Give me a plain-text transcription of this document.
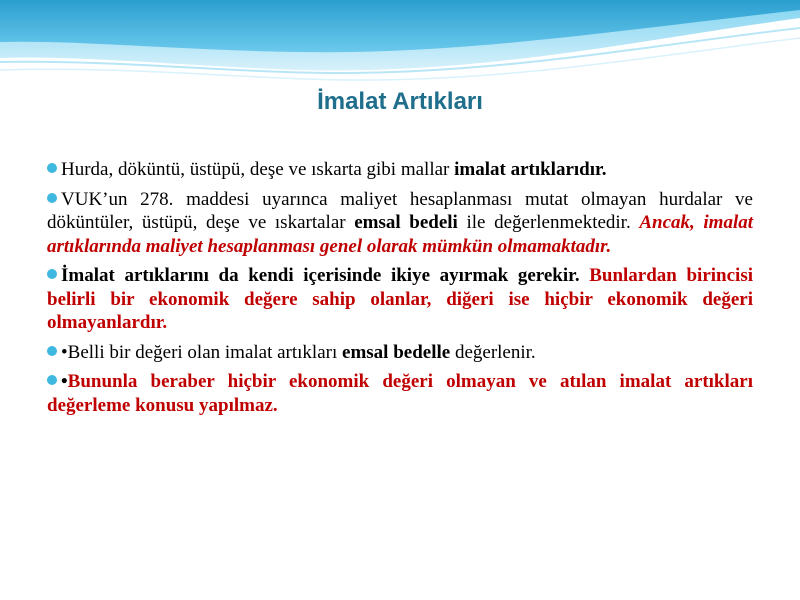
İmalat Artıkları

Hurda, döküntü, üstüpü, deşe ve ıskarta gibi mallar imalat artıklarıdır.

VUK’un 278. maddesi uyarınca maliyet hesaplanması mutat olmayan hurdalar ve döküntüler, üstüpü, deşe ve ıskartalar emsal bedeli ile değerlenmektedir. Ancak, imalat artıklarında maliyet hesaplanması genel olarak mümkün olmamaktadır.

İmalat artıklarını da kendi içerisinde ikiye ayırmak gerekir. Bunlardan birincisi belirli bir ekonomik değere sahip olanlar, diğeri ise hiçbir ekonomik değeri olmayanlardır.

•Belli bir değeri olan imalat artıkları emsal bedelle değerlenir.

•Bununla beraber hiçbir ekonomik değeri olmayan ve atılan imalat artıkları değerleme konusu yapılmaz.
